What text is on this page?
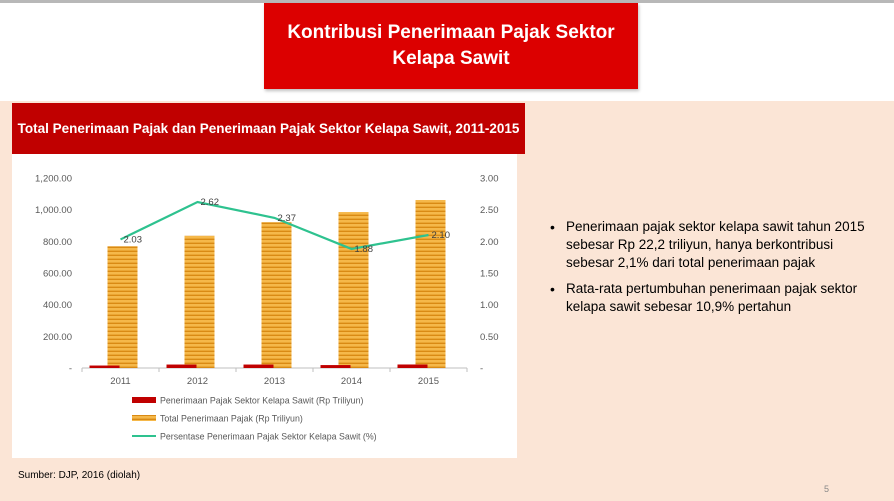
Kontribusi Penerimaan Pajak Sektor Kelapa Sawit
Total Penerimaan Pajak dan Penerimaan Pajak Sektor Kelapa Sawit, 2011-2015
-
200.00
400.00
600.00
800.00
1,000.00
1,200.00
-
0.50
1.00
1.50
2.00
2.50
3.00
2011	2012	2013	2014	2015
2.03
2.62
2.37
1.88
2.10
Penerimaan Pajak Sektor Kelapa Sawit (Rp Triliyun)
Total Penerimaan Pajak (Rp Triliyun)
Persentase Penerimaan Pajak Sektor Kelapa Sawit (%)
• Penerimaan pajak sektor kelapa sawit tahun 2015 sebesar Rp 22,2 triliyun, hanya berkontribusi sebesar 2,1% dari total penerimaan pajak
• Rata-rata pertumbuhan penerimaan pajak sektor kelapa sawit sebesar 10,9% pertahun
Sumber: DJP, 2016 (diolah)
5
